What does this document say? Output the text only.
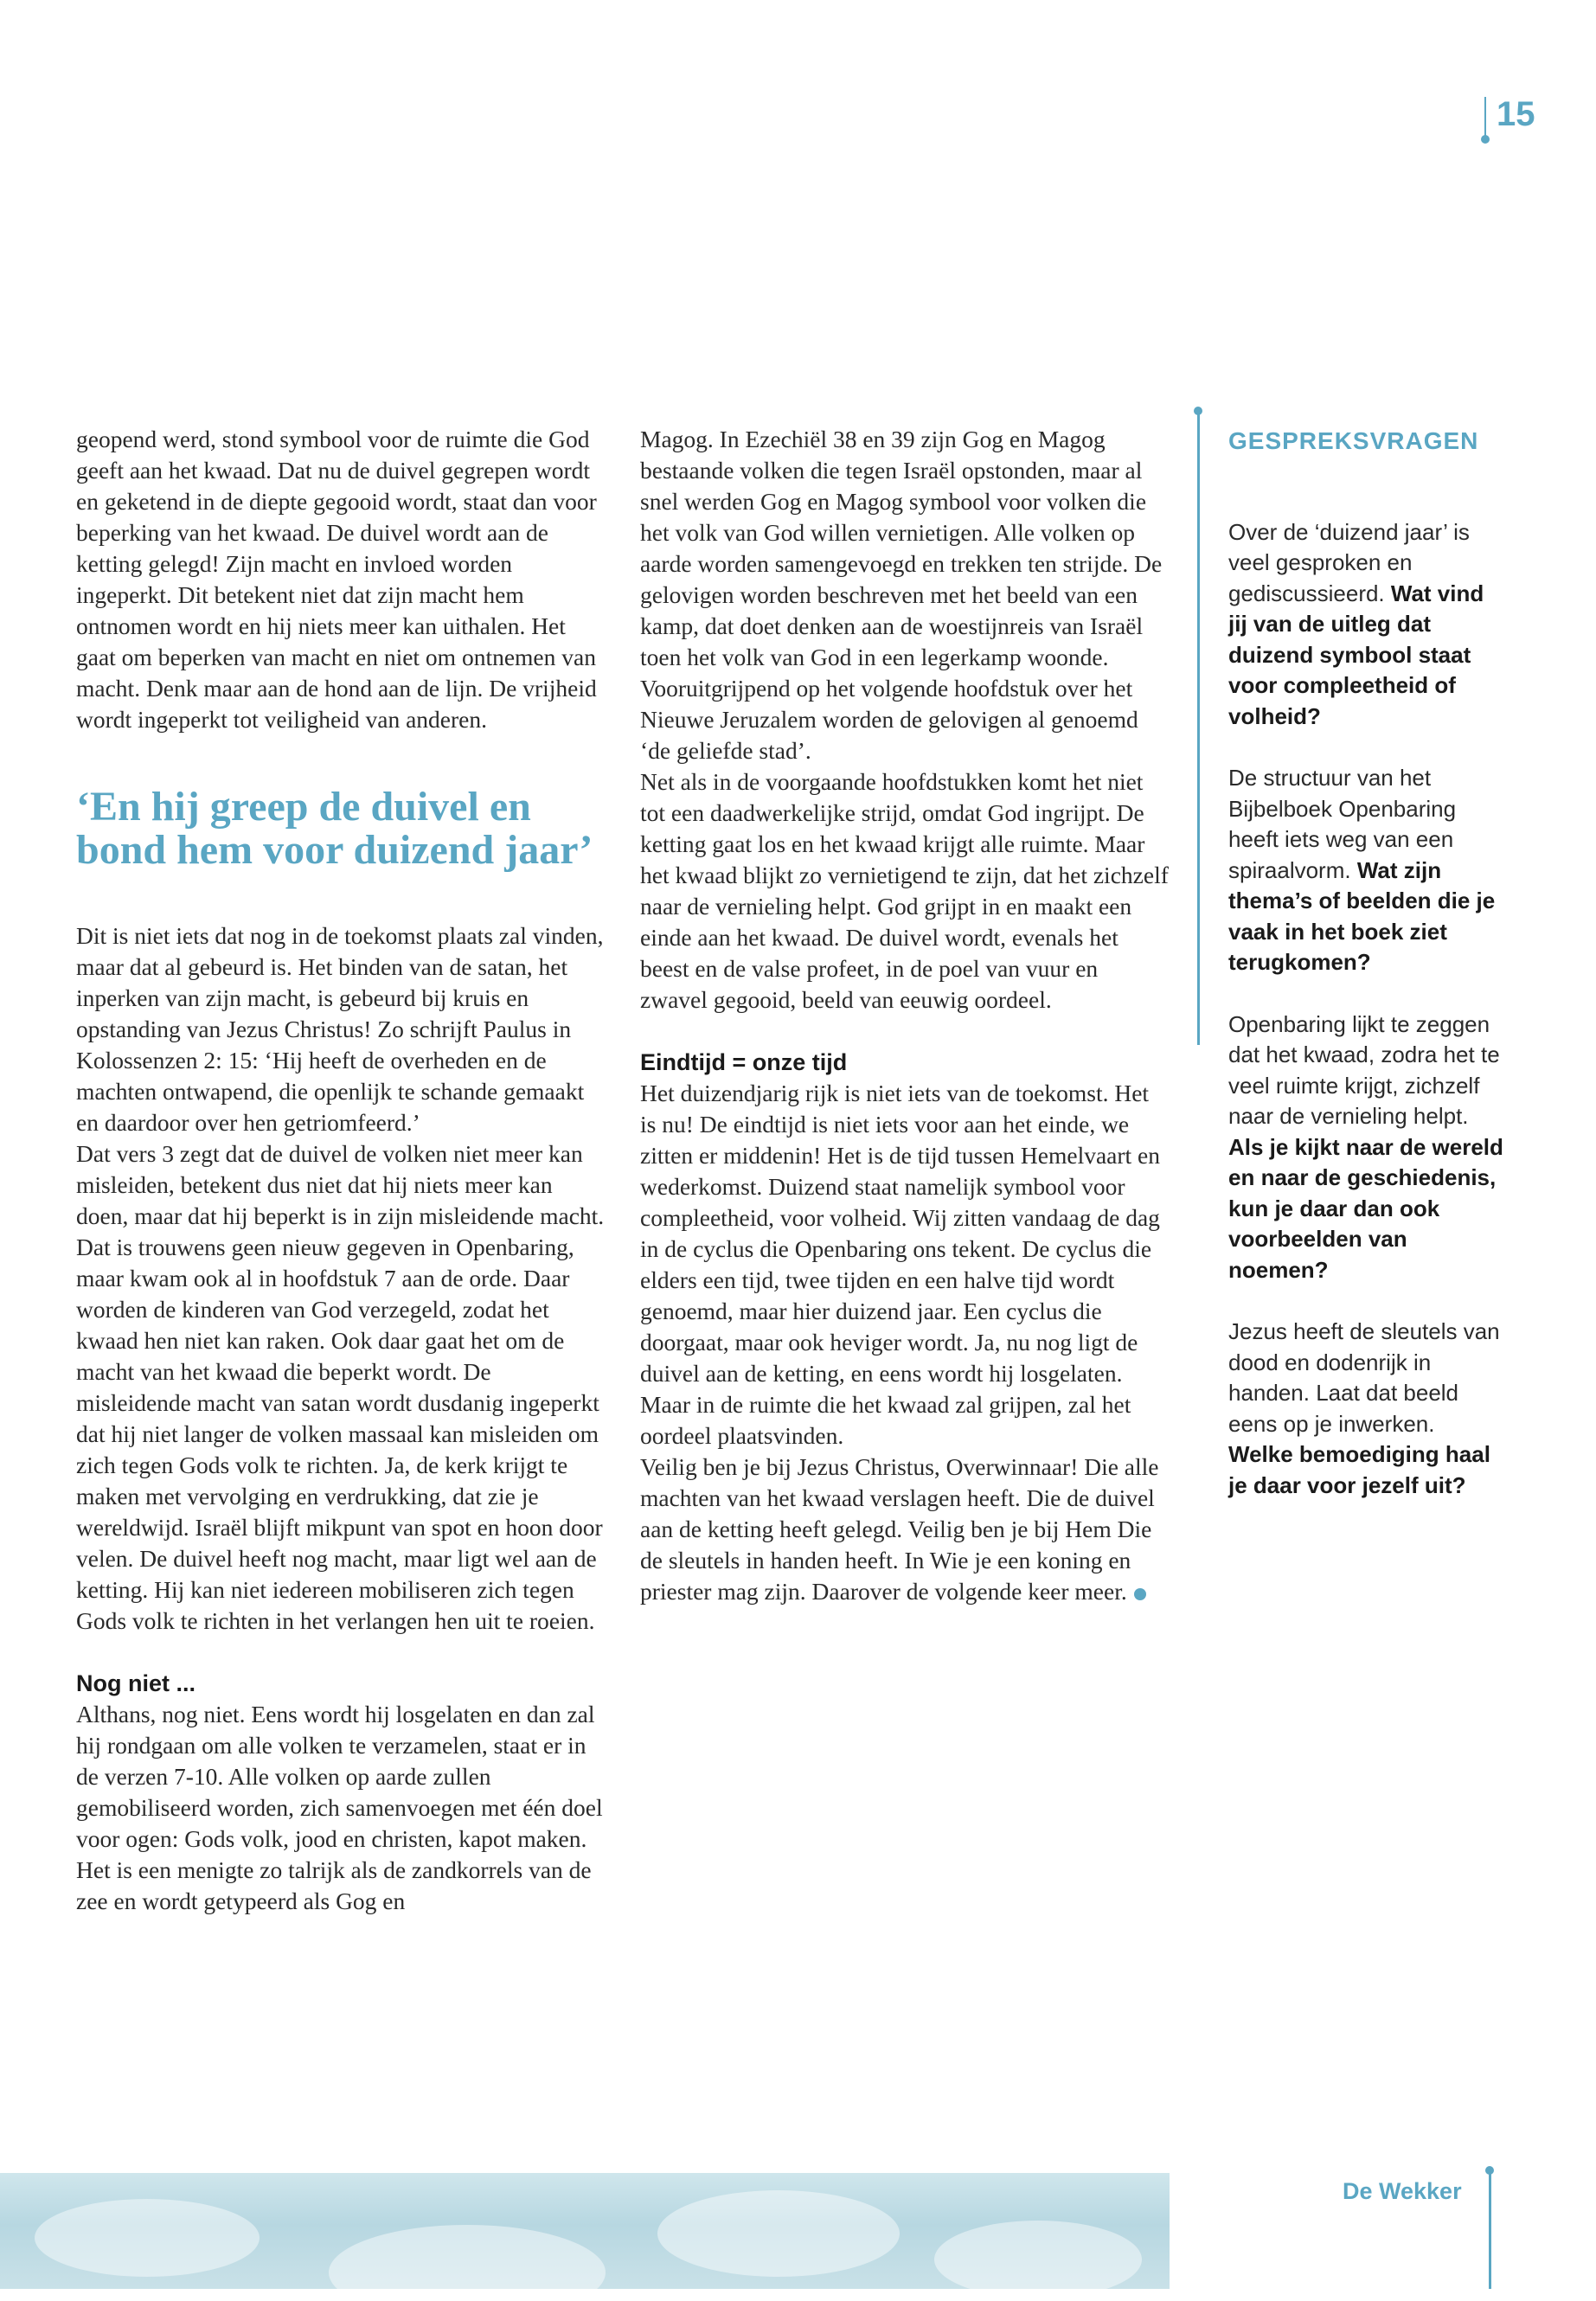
15

geopend werd, stond symbool voor de ruimte die God geeft aan het kwaad. Dat nu de duivel gegrepen wordt en geketend in de diepte gegooid wordt, staat dan voor beperking van het kwaad. De duivel wordt aan de ketting gelegd! Zijn macht en invloed worden ingeperkt. Dit betekent niet dat zijn macht hem ontnomen wordt en hij niets meer kan uithalen. Het gaat om beperken van macht en niet om ontnemen van macht. Denk maar aan de hond aan de lijn. De vrijheid wordt ingeperkt tot veiligheid van anderen.

‘En hij greep de duivel en bond hem voor duizend jaar’

Dit is niet iets dat nog in de toekomst plaats zal vinden, maar dat al gebeurd is. Het binden van de satan, het inperken van zijn macht, is gebeurd bij kruis en opstanding van Jezus Christus! Zo schrijft Paulus in Kolossenzen 2: 15: ‘Hij heeft de overheden en de machten ontwapend, die openlijk te schande gemaakt en daardoor over hen getriomfeerd.’

Dat vers 3 zegt dat de duivel de volken niet meer kan misleiden, betekent dus niet dat hij niets meer kan doen, maar dat hij beperkt is in zijn misleidende macht. Dat is trouwens geen nieuw gegeven in Openbaring, maar kwam ook al in hoofdstuk 7 aan de orde. Daar worden de kinderen van God verzegeld, zodat het kwaad hen niet kan raken. Ook daar gaat het om de macht van het kwaad die beperkt wordt. De misleidende macht van satan wordt dusdanig ingeperkt dat hij niet langer de volken massaal kan misleiden om zich tegen Gods volk te richten. Ja, de kerk krijgt te maken met vervolging en verdrukking, dat zie je wereldwijd. Israël blijft mikpunt van spot en hoon door velen. De duivel heeft nog macht, maar ligt wel aan de ketting. Hij kan niet iedereen mobiliseren zich tegen Gods volk te richten in het verlangen hen uit te roeien.

Nog niet ...

Althans, nog niet. Eens wordt hij losgelaten en dan zal hij rondgaan om alle volken te verzamelen, staat er in de verzen 7-10. Alle volken op aarde zullen gemobiliseerd worden, zich samenvoegen met één doel voor ogen: Gods volk, jood en christen, kapot maken.

Het is een menigte zo talrijk als de zandkorrels van de zee en wordt getypeerd als Gog en

Magog. In Ezechiël 38 en 39 zijn Gog en Magog bestaande volken die tegen Israël opstonden, maar al snel werden Gog en Magog symbool voor volken die het volk van God willen vernietigen. Alle volken op aarde worden samengevoegd en trekken ten strijde. De gelovigen worden beschreven met het beeld van een kamp, dat doet denken aan de woestijnreis van Israël toen het volk van God in een legerkamp woonde. Vooruitgrijpend op het volgende hoofdstuk over het Nieuwe Jeruzalem worden de gelovigen al genoemd ‘de geliefde stad’.

Net als in de voorgaande hoofdstukken komt het niet tot een daadwerkelijke strijd, omdat God ingrijpt. De ketting gaat los en het kwaad krijgt alle ruimte. Maar het kwaad blijkt zo vernietigend te zijn, dat het zichzelf naar de vernieling helpt. God grijpt in en maakt een einde aan het kwaad. De duivel wordt, evenals het beest en de valse profeet, in de poel van vuur en zwavel gegooid, beeld van eeuwig oordeel.

Eindtijd = onze tijd

Het duizendjarig rijk is niet iets van de toekomst. Het is nu! De eindtijd is niet iets voor aan het einde, we zitten er middenin! Het is de tijd tussen Hemelvaart en wederkomst. Duizend staat namelijk symbool voor compleetheid, voor volheid. Wij zitten vandaag de dag in de cyclus die Openbaring ons tekent. De cyclus die elders een tijd, twee tijden en een halve tijd wordt genoemd, maar hier duizend jaar. Een cyclus die doorgaat, maar ook heviger wordt. Ja, nu nog ligt de duivel aan de ketting, en eens wordt hij losgelaten. Maar in de ruimte die het kwaad zal grijpen, zal het oordeel plaatsvinden.

Veilig ben je bij Jezus Christus, Overwinnaar! Die alle machten van het kwaad verslagen heeft. Die de duivel aan de ketting heeft gelegd. Veilig ben je bij Hem Die de sleutels in handen heeft. In Wie je een koning en priester mag zijn. Daarover de volgende keer meer.

GESPREKSVRAGEN

Over de ‘duizend jaar’ is veel gesproken en gediscussieerd. Wat vind jij van de uitleg dat duizend symbool staat voor compleetheid of volheid?

De structuur van het Bijbelboek Openbaring heeft iets weg van een spiraalvorm. Wat zijn thema’s of beelden die je vaak in het boek ziet terugkomen?

Openbaring lijkt te zeggen dat het kwaad, zodra het te veel ruimte krijgt, zichzelf naar de vernieling helpt. Als je kijkt naar de wereld en naar de geschiedenis, kun je daar dan ook voorbeelden van noemen?

Jezus heeft de sleutels van dood en dodenrijk in handen. Laat dat beeld eens op je inwerken. Welke bemoediging haal je daar voor jezelf uit?

De Wekker
